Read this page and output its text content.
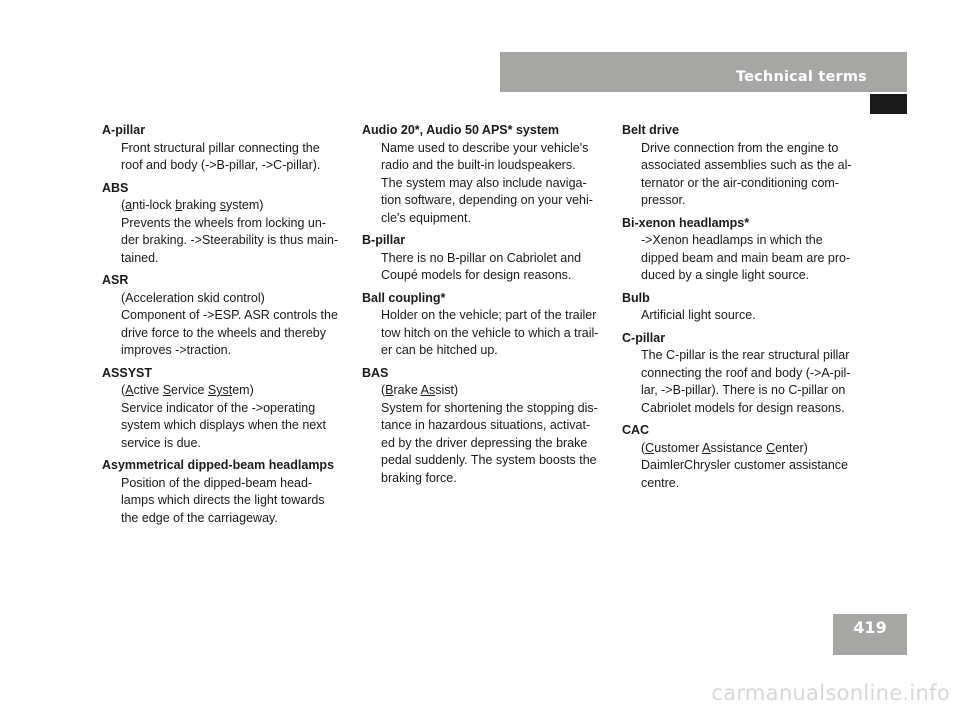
Technical terms
A-pillar
Front structural pillar connecting the
roof and body (->B-pillar, ->C-pillar).
ABS
(anti-lock braking system)
Prevents the wheels from locking un-
der braking. ->Steerability is thus main-
tained.
ASR
(Acceleration skid control)
Component of ->ESP. ASR controls the
drive force to the wheels and thereby
improves ->traction.
ASSYST
(Active Service System)
Service indicator of the ->operating
system which displays when the next
service is due.
Asymmetrical dipped-beam headlamps
Position of the dipped-beam head-
lamps which directs the light towards
the edge of the carriageway.
Audio 20*, Audio 50 APS* system
Name used to describe your vehicle's
radio and the built-in loudspeakers.
The system may also include naviga-
tion software, depending on your vehi-
cle's equipment.
B-pillar
There is no B-pillar on Cabriolet and
Coupé models for design reasons.
Ball coupling*
Holder on the vehicle; part of the trailer
tow hitch on the vehicle to which a trail-
er can be hitched up.
BAS
(Brake Assist)
System for shortening the stopping dis-
tance in hazardous situations, activat-
ed by the driver depressing the brake
pedal suddenly. The system boosts the
braking force.
Belt drive
Drive connection from the engine to
associated assemblies such as the al-
ternator or the air-conditioning com-
pressor.
Bi-xenon headlamps*
->Xenon headlamps in which the
dipped beam and main beam are pro-
duced by a single light source.
Bulb
Artificial light source.
C-pillar
The C-pillar is the rear structural pillar
connecting the roof and body (->A-pil-
lar, ->B-pillar). There is no C-pillar on
Cabriolet models for design reasons.
CAC
(Customer Assistance Center)
DaimlerChrysler customer assistance
centre.
419
carmanualsonline.info
